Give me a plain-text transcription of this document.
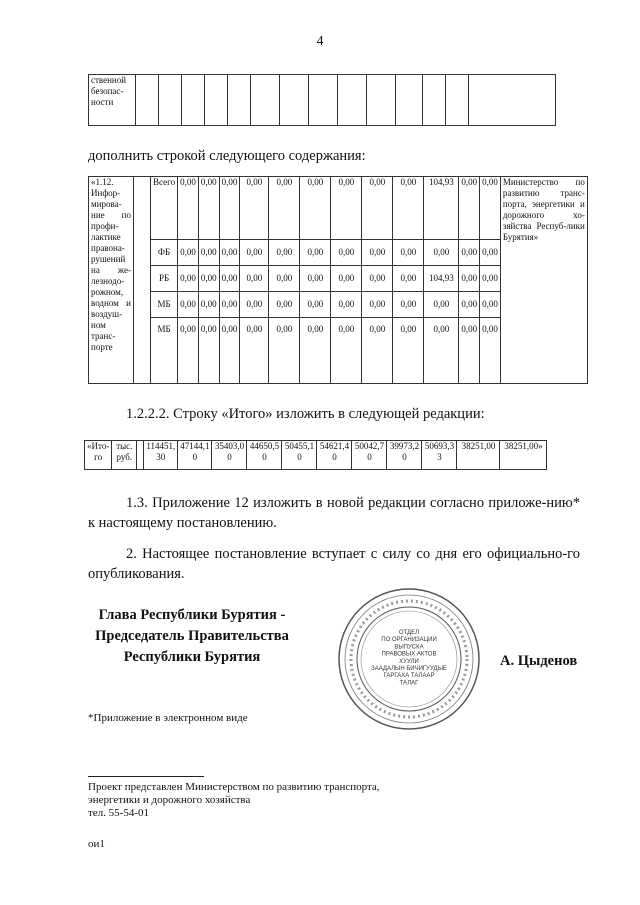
4
ственной безопас-ности														
дополнить строкой следующего содержания:
«1.12. Инфор-мирова-ние по профи-лактике правона-рушений на же-лезнодо-рожном, водном и воздуш-ном транс-порте		Всего	0,00	0,00	0,00	0,00	0,00	0,00	0,00	0,00	0,00	104,93	0,00	0,00	Министерство по развитию транс-порта, энергетики и дорожного хо-зяйства Респуб-лики Бурятия»
		ФБ	0,00	0,00	0,00	0,00	0,00	0,00	0,00	0,00	0,00	0,00	0,00	0,00	
		РБ	0,00	0,00	0,00	0,00	0,00	0,00	0,00	0,00	0,00	104,93	0,00	0,00	
		МБ	0,00	0,00	0,00	0,00	0,00	0,00	0,00	0,00	0,00	0,00	0,00	0,00	
		МБ	0,00	0,00	0,00	0,00	0,00	0,00	0,00	0,00	0,00	0,00	0,00	0,00	
1.2.2.2. Строку «Итого» изложить в следующей редакции:
«Ито-го	тыс. руб.		114451, 30	47144,1 0	35403,0 0	44650,5 0	50455,1 0	54621,4 0	50042,7 0	39973,2 0	50693,3 3	38251,00	38251,00»
1.3. Приложение 12 изложить в новой редакции согласно приложе-нию* к настоящему постановлению.
2. Настоящее постановление вступает с силу со дня его официально-го опубликования.
Глава Республики Бурятия -
Председатель Правительства
Республики Бурятия
ОТДЕЛ
ПО ОРГАНИЗАЦИИ
ВЫПУСКА
ПРАВОВЫХ АКТОВ
ХУУЛИ
ЗААДАЛЫН БИЧИГУУДЫЕ
ГАРГАХА ТАЛААР
ТАЛАГ
А. Цыденов
*Приложение в электронном виде
Проект представлен Министерством по развитию транспорта,
энергетики и дорожного хозяйства
тел. 55-54-01
ои1
